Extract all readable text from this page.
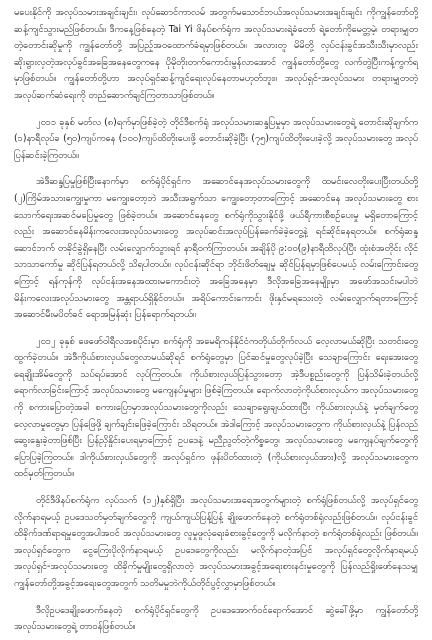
မပေးနိုင်ကို အလုပ်သမားအချင်းချင်း၊ လုပ်ဆောင်ကာလမ် အတွက်မသောင်ဘယ်အလုပ်သမားအချင်းချင်း ကိုကျွန်တော်တို့ ဆန့်ကျင်သွားမည်ဖြစ်တယ်။ ဒီကနေ့ဖြစ်နေတဲ့ Tai Yi ဖိနပ်စက်ရုံက အလုပ်သမားရဲ့ခံတော် ရဲ့တော်ကိုမေတ္တမဲ့၊ တရားမျှတတဲ့တောင်းဆိုမှုကို ကျွန်တော်တို့ အပြည့်အဝထောက်ခံရမှာဖြစ်တယ်။ အလားတူ မိမိတို့ လုပ်ငန်းခွင်အသီးသီးမှာလည်း ဆိုးရွားလှတဲ့အလုပ်ခွင်အခြေအနေတွေကနေ ပိုမိုတိုးတက်ကောင်းမွန်လာအောင် ကျွန်တော်တို့တွေ လက်တွဲပြီးကန့်ကွက်ရမှာဖြစ်တယ်။ ကျွန်တော်တို့ဟာ အလုပ်ရှင်ဆန့်ကျင်ရေးလုပ်နေတာမဟုတ်ဘူး။ အလုပ်ရှင်-အလုပ်သမား တရားမျှတတဲ့အလုပ်ဆက်ဆံရေးကို တည်ဆောက်ချင်ကြတာသာဖြစ်တယ်။

၂၀၁၁ ခုနှစ် မတ်လ (၈)ရက်မှာဖြစ်ခဲ့တဲ့ တိုင်ဒီစက်ရုံ အလုပ်သမားဆန္ဒပြမှုမှာ အလုပ်သမားတွေရဲ့ တောင်းဆိုချက်က (၁)နာရီလုပ်ခ (၅၀)ကျပ်ကနေ (၁၀၀)ကျပ်ထိတိုးပေးဖို့ တောင်းဆိုခဲ့ပြီး (၇၅)ကျပ်ထိတိုးပေးခဲ့လို့ အလုပ်သမားတွေ အလုပ်ပြန်ဆင်းခဲ့ကြတယ်။

အဲဒီဆန္ဒပြမှုဖြစ်ပြီးနောက်မှာ စက်ရုံပိုင်ရှင်က အဆောင်နေအလုပ်သမားတွေကို ထမင်းလေတိုးပေးပြီးတယ်တို့ (၂)ကြိမ်အသားကျွေးမှုကာ မကျွေးတော့ဘဲ အသီးအရွက်သာ ကျွေးတော့တာကြောင့် အဆောင်နေ အလုပ်သမားတွေ စားသောက်ရေးအဆင်မပြေမှုတွေ ဖြစ်ခဲ့တယ်။ အဆောင်နေတွေ စက်ရုံကိုသွားနိုင်ဖို့ ဖယ်ရီကားစီစဉ်ပေးမှု မရှိတောကြောင့်လည်း အဆောင်နေမိန်းကလေးအလုပ်သမားတွေ အလုပ်ဆင်းအလုပ်ပြန်ခေက်ခဲခဲ့တွေ့နဲ့ ရင်ဆိုင်နေရတယ်။ စက်ရုံဆန္ဒဆောင်ဘက် တခိုင်ခွဲရှိနေပြီး လမ်းလျှောက်သွားရင် နာရီဝက်ကြာတယ်။ အချိန်ပို ၉:၀၀(၉)နာရီထိလုပ်ပြီး ထုံးစံအတိုင်း လိုင်သာသာကော်မှု ဆိုင်ပြန်ရတယ်လို့ သိရပါတယ်။ လုပ်ငန်းဆိုင်ရာ ဘိုင်းဖိတ်ချေမှု ဆိုင်ပြန်ရမှာဖြစ်ပေမယ့် လမ်းကြောင်းတွေကြောင့် ရန်ကုန်ကို လုပ်ငန်းအနေအထားမကောင်းတဲ့ အခြေအနေမှာ ဒီလိုအခြေအနေမျိုးမှာ အဖော်အသင်းမပါဘဲ မိန်းကလေးအလုပ်သမားတွေ အန္တရာယ်ရှိနိုင်တယ်။ အရိပ်ကောင်းကောင်း ဖိုးနှင်မရသေးတဲ့ လမ်းလျှောက်ရတာကြောင့် အဆောင်မီးမပိတ်ခင် ရောအမြန်ဆုံး ပြန်ရောက်ရတယ်။

၂၀၁၂ ခုနှစ် ဖေဖော်ဝါရီလအစပိုင်းမှာ စက်ရုံကို အမေရိကန်နိုင်ငံကတိုယ်တိုက်လယ် လေ့လာမယ်ဆိုပြီး သတင်းတွေထွက်ခဲ့တယ်။ အဲဒီကိုယ်စားလှယ်တွေလာမယ်ဆိုရင် စက်ရုံတွေမှာ ပြင်ဆင်မှုတွေလုပ်ခဲ့ပြီး သေချာကြောင်း ရေးအေးတွေ ရေချိုးအိမ်တွေကို သပ်ရပ်အောင် လုပ်ကြတယ်။ ကိုယ်စားလှယ်ပြန်သွားတော့ အဲ့ဒီပစ္စည်းတွေကို ပြန်သိမ်းခဲ့တယ်လို့ ရောက်လာခြင်းကြောင့် အလုပ်သမားတွေ မကျေနပ်မှုများ ဖြစ်ခဲ့ကြတယ်။ ရောက်လာတဲ့ကိုယ်စားလှယ်က အလုပ်သမားတွေကို စကားပြောတဲ့အခါ စကားပြောမှာအလုပ်သမားတွေကိုလည်း သေချာရွေးချယ်ထားပြီး ကိုယ်စားလှယ်နဲ့ မှတ်ချက်တွေ လေ့လာမှုတွေမှာ ပြန်ဖြေဖို့ ချက်ချင်းဖြေခဲ့ကြောင်း သိရတယ်။ အဲဒါကြောင့် အလုပ်သမားတွေက ကိုယ်စားလှယ်နဲ့ ပြန်လည်ဆွေးနွေးခဲ့တာဖြစ်ပြီး ပြန်ညှိနှိုင်းပေးရမှာကြောင့် ဥပဒေနဲ့ မညီညွတ်တဲ့ကိစ္စတွေ၊ အလုပ်သမားတွေ မကျေနပ်ချက်တွေကို ပြောပြခဲ့ကြတယ်။ ဒါကိုယ်စားလှယ်တွေကို အလုပ်ရှင်က ဖုန်းပိတ်ထားတဲ့ (ကိုယ်စားလှယ်အား)လို့ အလုပ်သမားတွေက ထင်မှတ်ကြတယ်။

တိုင်ဒီဖိနပ်စက်ရုံက လုပ်သက် (၁၂)နှစ်ရှိပြီး အလုပ်သမားအရေအတွက်များတဲ့ စက်ရုံဖြစ်တယ်လို့ အလုပ်ရှင်တွေလိုက်နာရမယ့် ဥပဒေသတ်မှတ်ချက်တွေကို ကျယ်ကျယ်ပြန့်ပြန့် ချိုးဖောက်နေတဲ့ စက်ရုံတစ်ရုံလည်းဖြစ်တယ်။ လုပ်ငန်းခွင်ထိခိုက်ဒဏ်ရာရမှုတွေအပါအဝင် အလုပ်သမားတွေ လူမှုဖူလုံရေးခံစားခွင့်တွေကို မလိုက်နာတဲ့ စက်ရုံတစ်ရုံလည်း ဖြစ်တယ်။ အလုပ်ရှင်တွေက ငွေကြေးပိုလိုက်နာရမယ့် ဥပဒေတွေကိုလည်း မလိုက်နာတဲ့အပြင် အလုပ်ရှင်တွေလိုက်နာရမယ့် အလုပ်ရှင်-အလုပ်သမားတွေ ထိခိုက်မှုမျိုးတွေရှိလာတဲ့ အလုပ်သမားအခွင့်အရေးစားနင်းမှုတွေကို ပြန်လည်ရှိုးဖော်နေသမျှ ကျွန်တော်တို့အခွင့်အရေးတွေအတွက် သတိမမှုဘဲကိုယ်တိုင်ပွင့်လွှာမှာဖြစ်တယ်။

ဒီလိုဥပဒေချိုးဖောက်နေတဲ့ စက်ရုံပိုင်ရှင်တွေကို ဥပဒေအောက်ဝင်ရောက်အောင် ဆွဲခေါ်ဖို့မှာ ကျွန်တော်တို့ အလုပ်သမားတွေရဲ့ တာဝန်ဖြစ်တယ်။
